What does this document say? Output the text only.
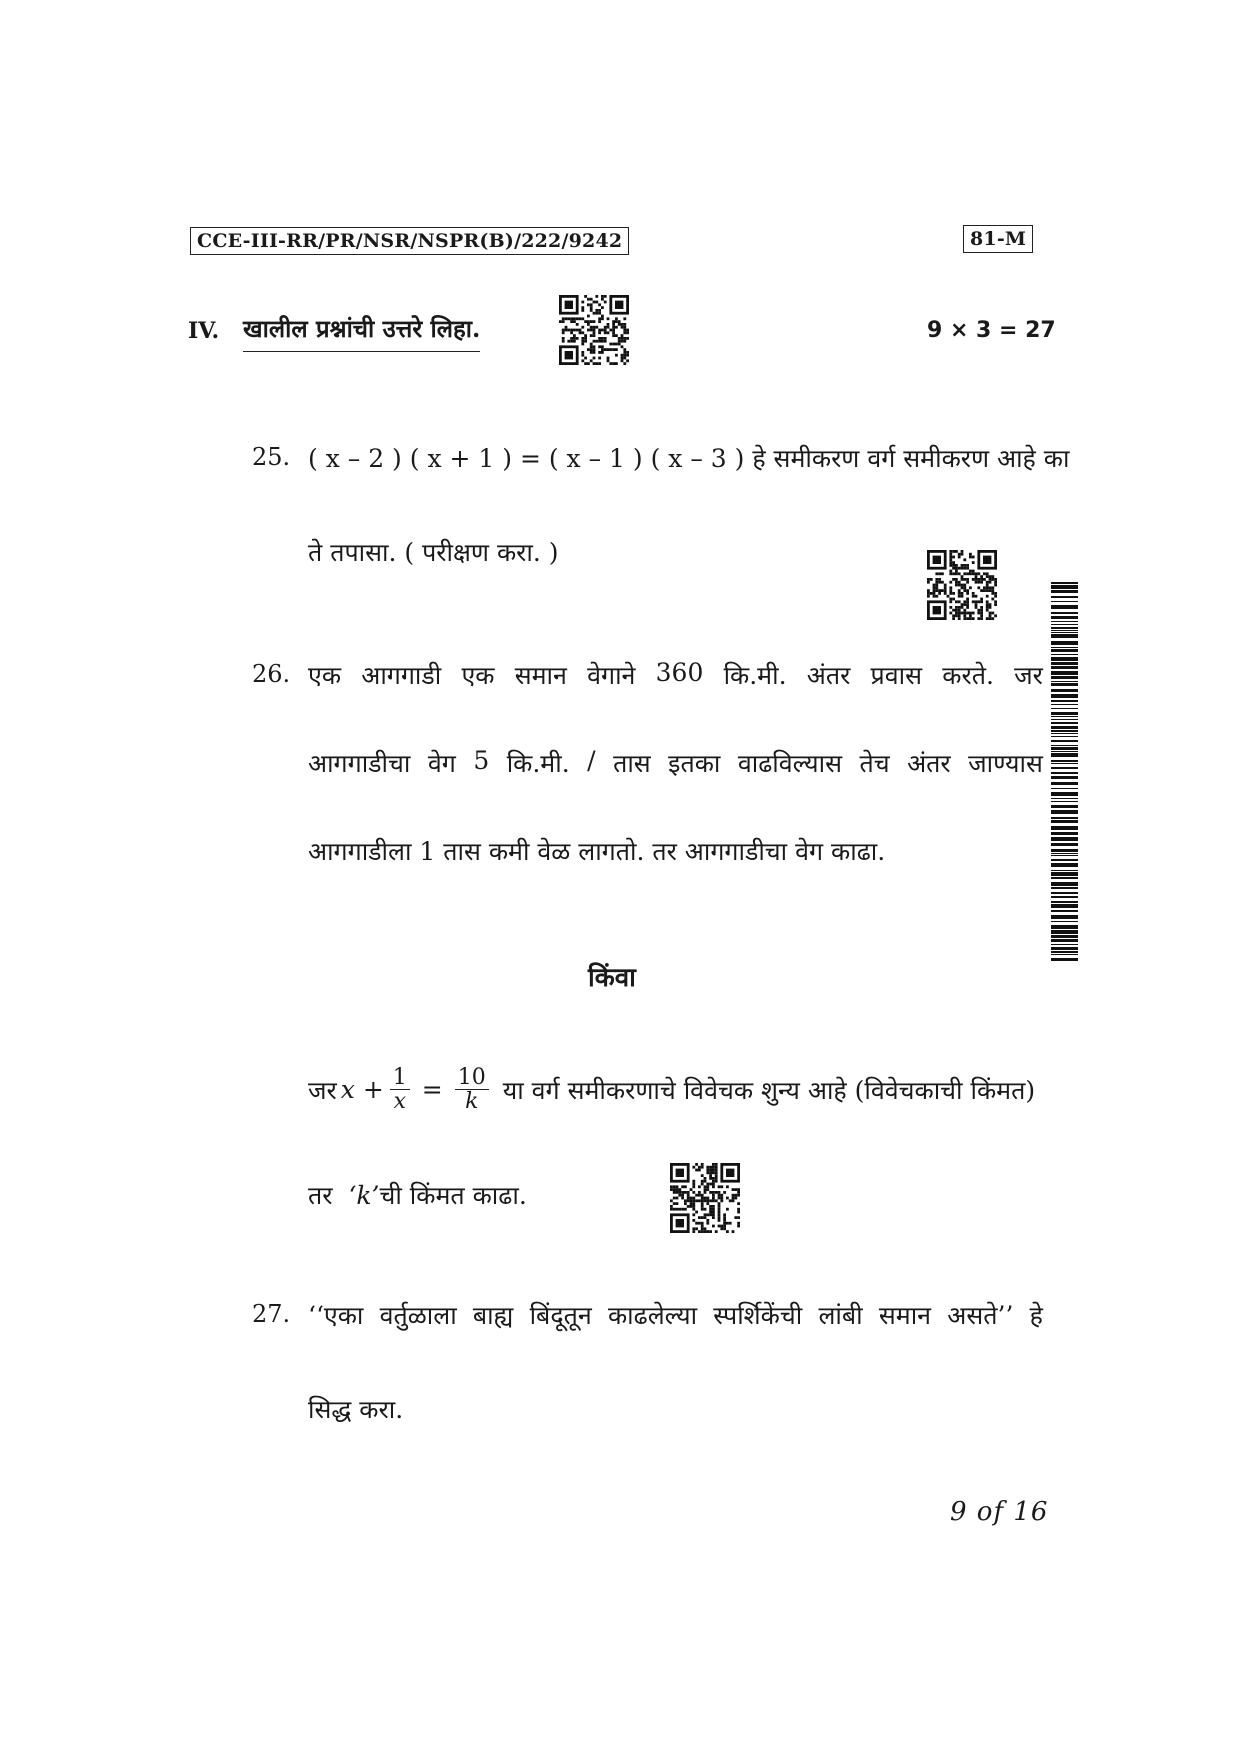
CCE-III-RR/PR/NSR/NSPR(B)/222/9242	81-M
IV. खालील प्रश्नांची उत्तरे लिहा.	9 × 3 = 27
25. ( x – 2 ) ( x + 1 ) = ( x – 1 ) ( x – 3 ) हे समीकरण वर्ग समीकरण आहे का
ते तपासा. ( परीक्षण करा. )
26. एक आगगाडी एक समान वेगाने 360 कि.मी. अंतर प्रवास करते. जर
आगगाडीचा वेग 5 कि.मी. / तास इतका वाढविल्यास तेच अंतर जाण्यास
आगगाडीला 1 तास कमी वेळ लागतो. तर आगगाडीचा वेग काढा.
किंवा
जर $x + \frac{1}{x} = \frac{10}{k}$ या वर्ग समीकरणाचे विवेचक शुन्य आहे (विवेचकाची किंमत)
तर ‘k’ची किंमत काढा.
27. ‘‘एका वर्तुळाला बाह्य बिंदूतून काढलेल्या स्पर्शिकेंची लांबी समान असते’’ हे
सिद्ध करा.
9 of 16
